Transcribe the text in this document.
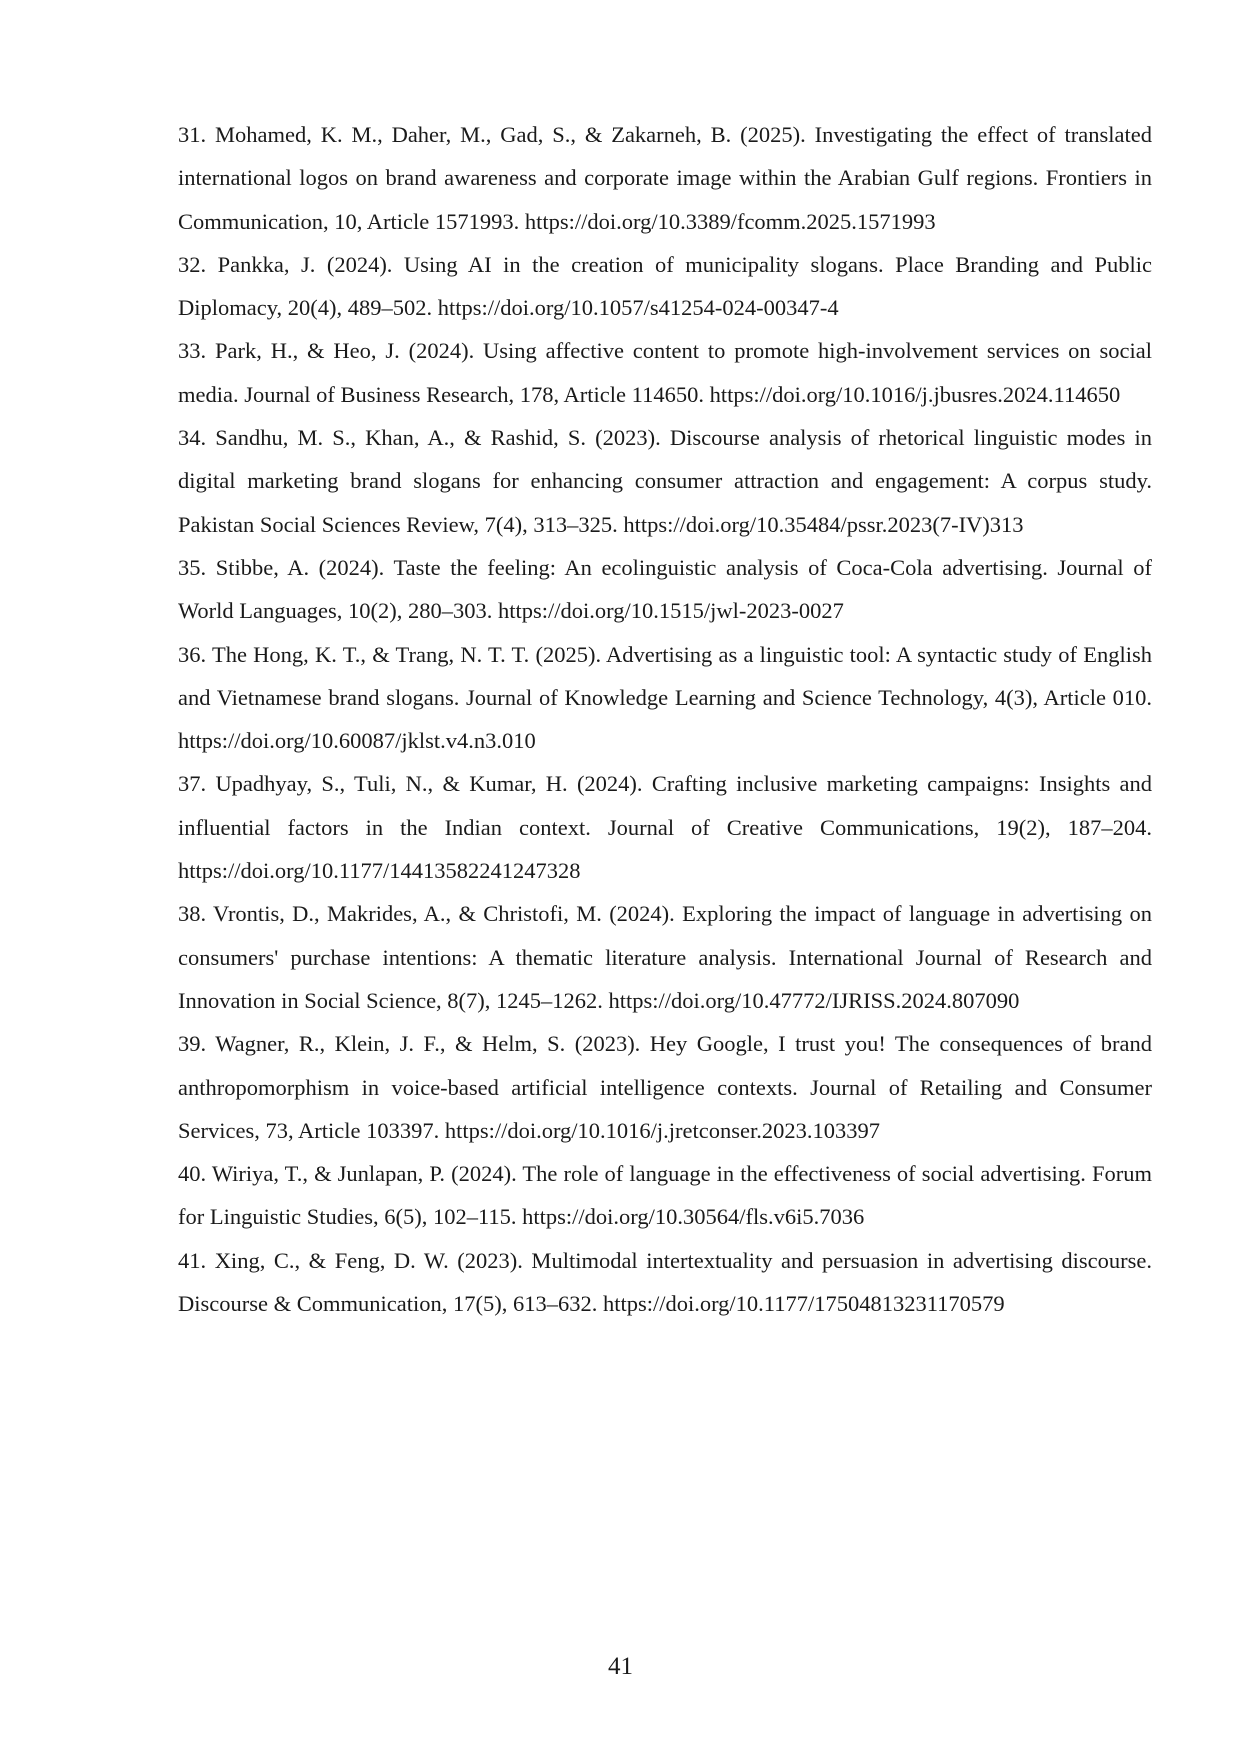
31. Mohamed, K. M., Daher, M., Gad, S., & Zakarneh, B. (2025). Investigating the effect of translated international logos on brand awareness and corporate image within the Arabian Gulf regions. Frontiers in Communication, 10, Article 1571993. https://doi.org/10.3389/fcomm.2025.1571993
32. Pankka, J. (2024). Using AI in the creation of municipality slogans. Place Branding and Public Diplomacy, 20(4), 489–502. https://doi.org/10.1057/s41254-024-00347-4
33. Park, H., & Heo, J. (2024). Using affective content to promote high-involvement services on social media. Journal of Business Research, 178, Article 114650. https://doi.org/10.1016/j.jbusres.2024.114650
34. Sandhu, M. S., Khan, A., & Rashid, S. (2023). Discourse analysis of rhetorical linguistic modes in digital marketing brand slogans for enhancing consumer attraction and engagement: A corpus study. Pakistan Social Sciences Review, 7(4), 313–325. https://doi.org/10.35484/pssr.2023(7-IV)313
35. Stibbe, A. (2024). Taste the feeling: An ecolinguistic analysis of Coca-Cola advertising. Journal of World Languages, 10(2), 280–303. https://doi.org/10.1515/jwl-2023-0027
36. The Hong, K. T., & Trang, N. T. T. (2025). Advertising as a linguistic tool: A syntactic study of English and Vietnamese brand slogans. Journal of Knowledge Learning and Science Technology, 4(3), Article 010.https://doi.org/10.60087/jklst.v4.n3.010
37. Upadhyay, S., Tuli, N., & Kumar, H. (2024). Crafting inclusive marketing campaigns: Insights and influential factors in the Indian context. Journal of Creative Communications, 19(2), 187–204.https://doi.org/10.1177/14413582241247328
38. Vrontis, D., Makrides, A., & Christofi, M. (2024). Exploring the impact of language in advertising on consumers' purchase intentions: A thematic literature analysis. International Journal of Research and Innovation in Social Science, 8(7), 1245–1262. https://doi.org/10.47772/IJRISS.2024.807090
39. Wagner, R., Klein, J. F., & Helm, S. (2023). Hey Google, I trust you! The consequences of brand anthropomorphism in voice-based artificial intelligence contexts. Journal of Retailing and Consumer Services, 73, Article 103397. https://doi.org/10.1016/j.jretconser.2023.103397
40. Wiriya, T., & Junlapan, P. (2024). The role of language in the effectiveness of social advertising. Forum for Linguistic Studies, 6(5), 102–115. https://doi.org/10.30564/fls.v6i5.7036
41. Xing, C., & Feng, D. W. (2023). Multimodal intertextuality and persuasion in advertising discourse. Discourse & Communication, 17(5), 613–632. https://doi.org/10.1177/17504813231170579
41
